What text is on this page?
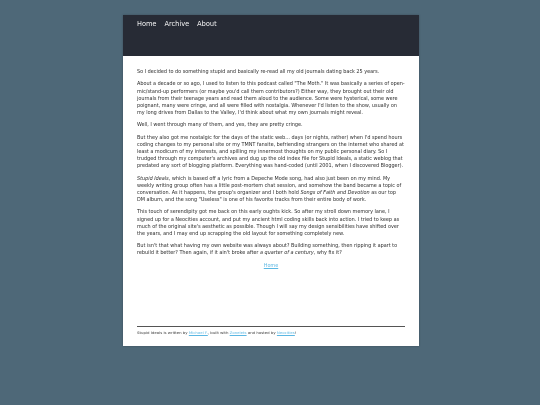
Home Archive About

So I decided to do something stupid and basically re-read all my old journals dating back 25 years.

About a decade or so ago, I used to listen to this podcast called "The Moth." It was basically a series of open-mic/stand-up performers (or maybe you'd call them contributors?) Either way, they brought out their old journals from their teenage years and read them aloud to the audience. Some were hysterical, some were poignant, many were cringe, and all were filled with nostalgia. Whenever I'd listen to the show, usually on my long drives from Dallas to the Valley, I'd think about what my own journals might reveal.

Well, I went through many of them, and yes, they are pretty cringe.

But they also got me nostalgic for the days of the static web... days (or nights, rather) when I'd spend hours coding changes to my personal site or my TMNT fansite, befriending strangers on the internet who shared at least a modicum of my interests, and spilling my innermost thoughts on my public personal diary. So I trudged through my computer's archives and dug up the old index file for Stupid Ideals, a static weblog that predated any sort of blogging platform. Everything was hand-coded (until 2001, when I discovered Blogger).

Stupid Ideals, which is based off a lyric from a Depeche Mode song, had also just been on my mind. My weekly writing group often has a little post-mortem chat session, and somehow the band became a topic of conversation. As it happens, the group's organizer and I both hold Songs of Faith and Devotion as our top DM album, and the song "Useless" is one of his favorite tracks from their entire body of work.

This touch of serendipity got me back on this early oughts kick. So after my stroll down memory lane, I signed up for a Neocities account, and put my ancient html coding skills back into action. I tried to keep as much of the original site's aesthetic as possible. Though I will say my design sensibilities have shifted over the years, and I may end up scrapping the old layout for something completely new.

But isn't that what having my own website was always about? Building something, then ripping it apart to rebuild it better? Then again, if it ain't broke after a quarter of a century, why fix it?

Home
Stupid Ideals is written by Michael F., built with Zonelets and hosted by Neocities!
